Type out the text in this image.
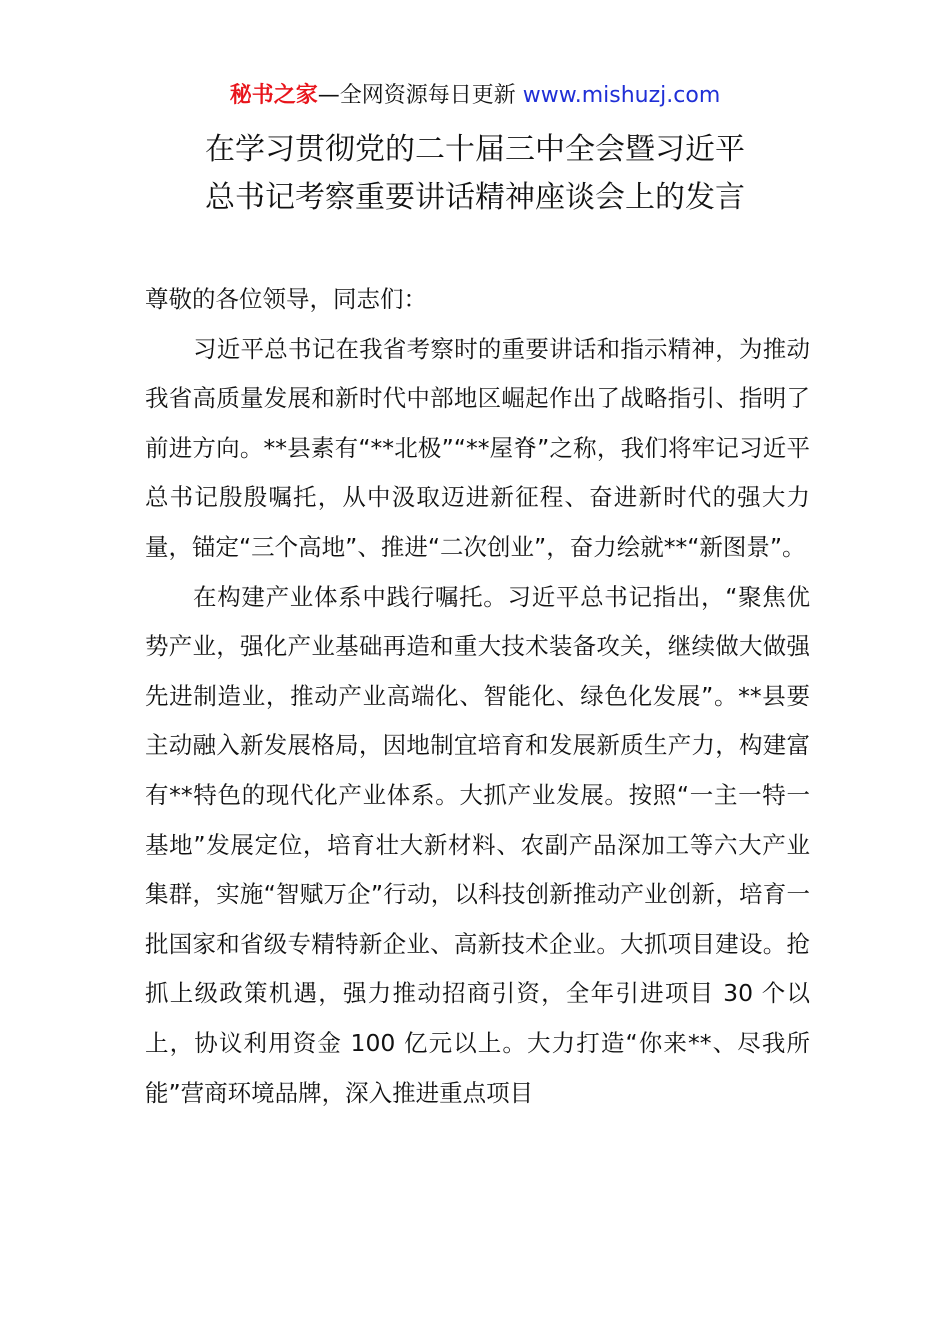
秘书之家—全网资源每日更新 www.mishuzj.com
在学习贯彻党的二十届三中全会暨习近平
总书记考察重要讲话精神座谈会上的发言

尊敬的各位领导，同志们：

习近平总书记在我省考察时的重要讲话和指示精神，为推动我省高质量发展和新时代中部地区崛起作出了战略指引、指明了前进方向。**县素有“**北极”“**屋脊”之称，我们将牢记习近平总书记殷殷嘱托，从中汲取迈进新征程、奋进新时代的强大力量，锚定“三个高地”、推进“二次创业”，奋力绘就**“新图景”。

在构建产业体系中践行嘱托。习近平总书记指出，“聚焦优势产业，强化产业基础再造和重大技术装备攻关，继续做大做强先进制造业，推动产业高端化、智能化、绿色化发展”。**县要主动融入新发展格局，因地制宜培育和发展新质生产力，构建富有**特色的现代化产业体系。大抓产业发展。按照“一主一特一基地”发展定位，培育壮大新材料、农副产品深加工等六大产业集群，实施“智赋万企”行动，以科技创新推动产业创新，培育一批国家和省级专精特新企业、高新技术企业。大抓项目建设。抢抓上级政策机遇，强力推动招商引资，全年引进项目 30 个以上，协议利用资金 100 亿元以上。大力打造“你来**、尽我所能”营商环境品牌，深入推进重点项目
